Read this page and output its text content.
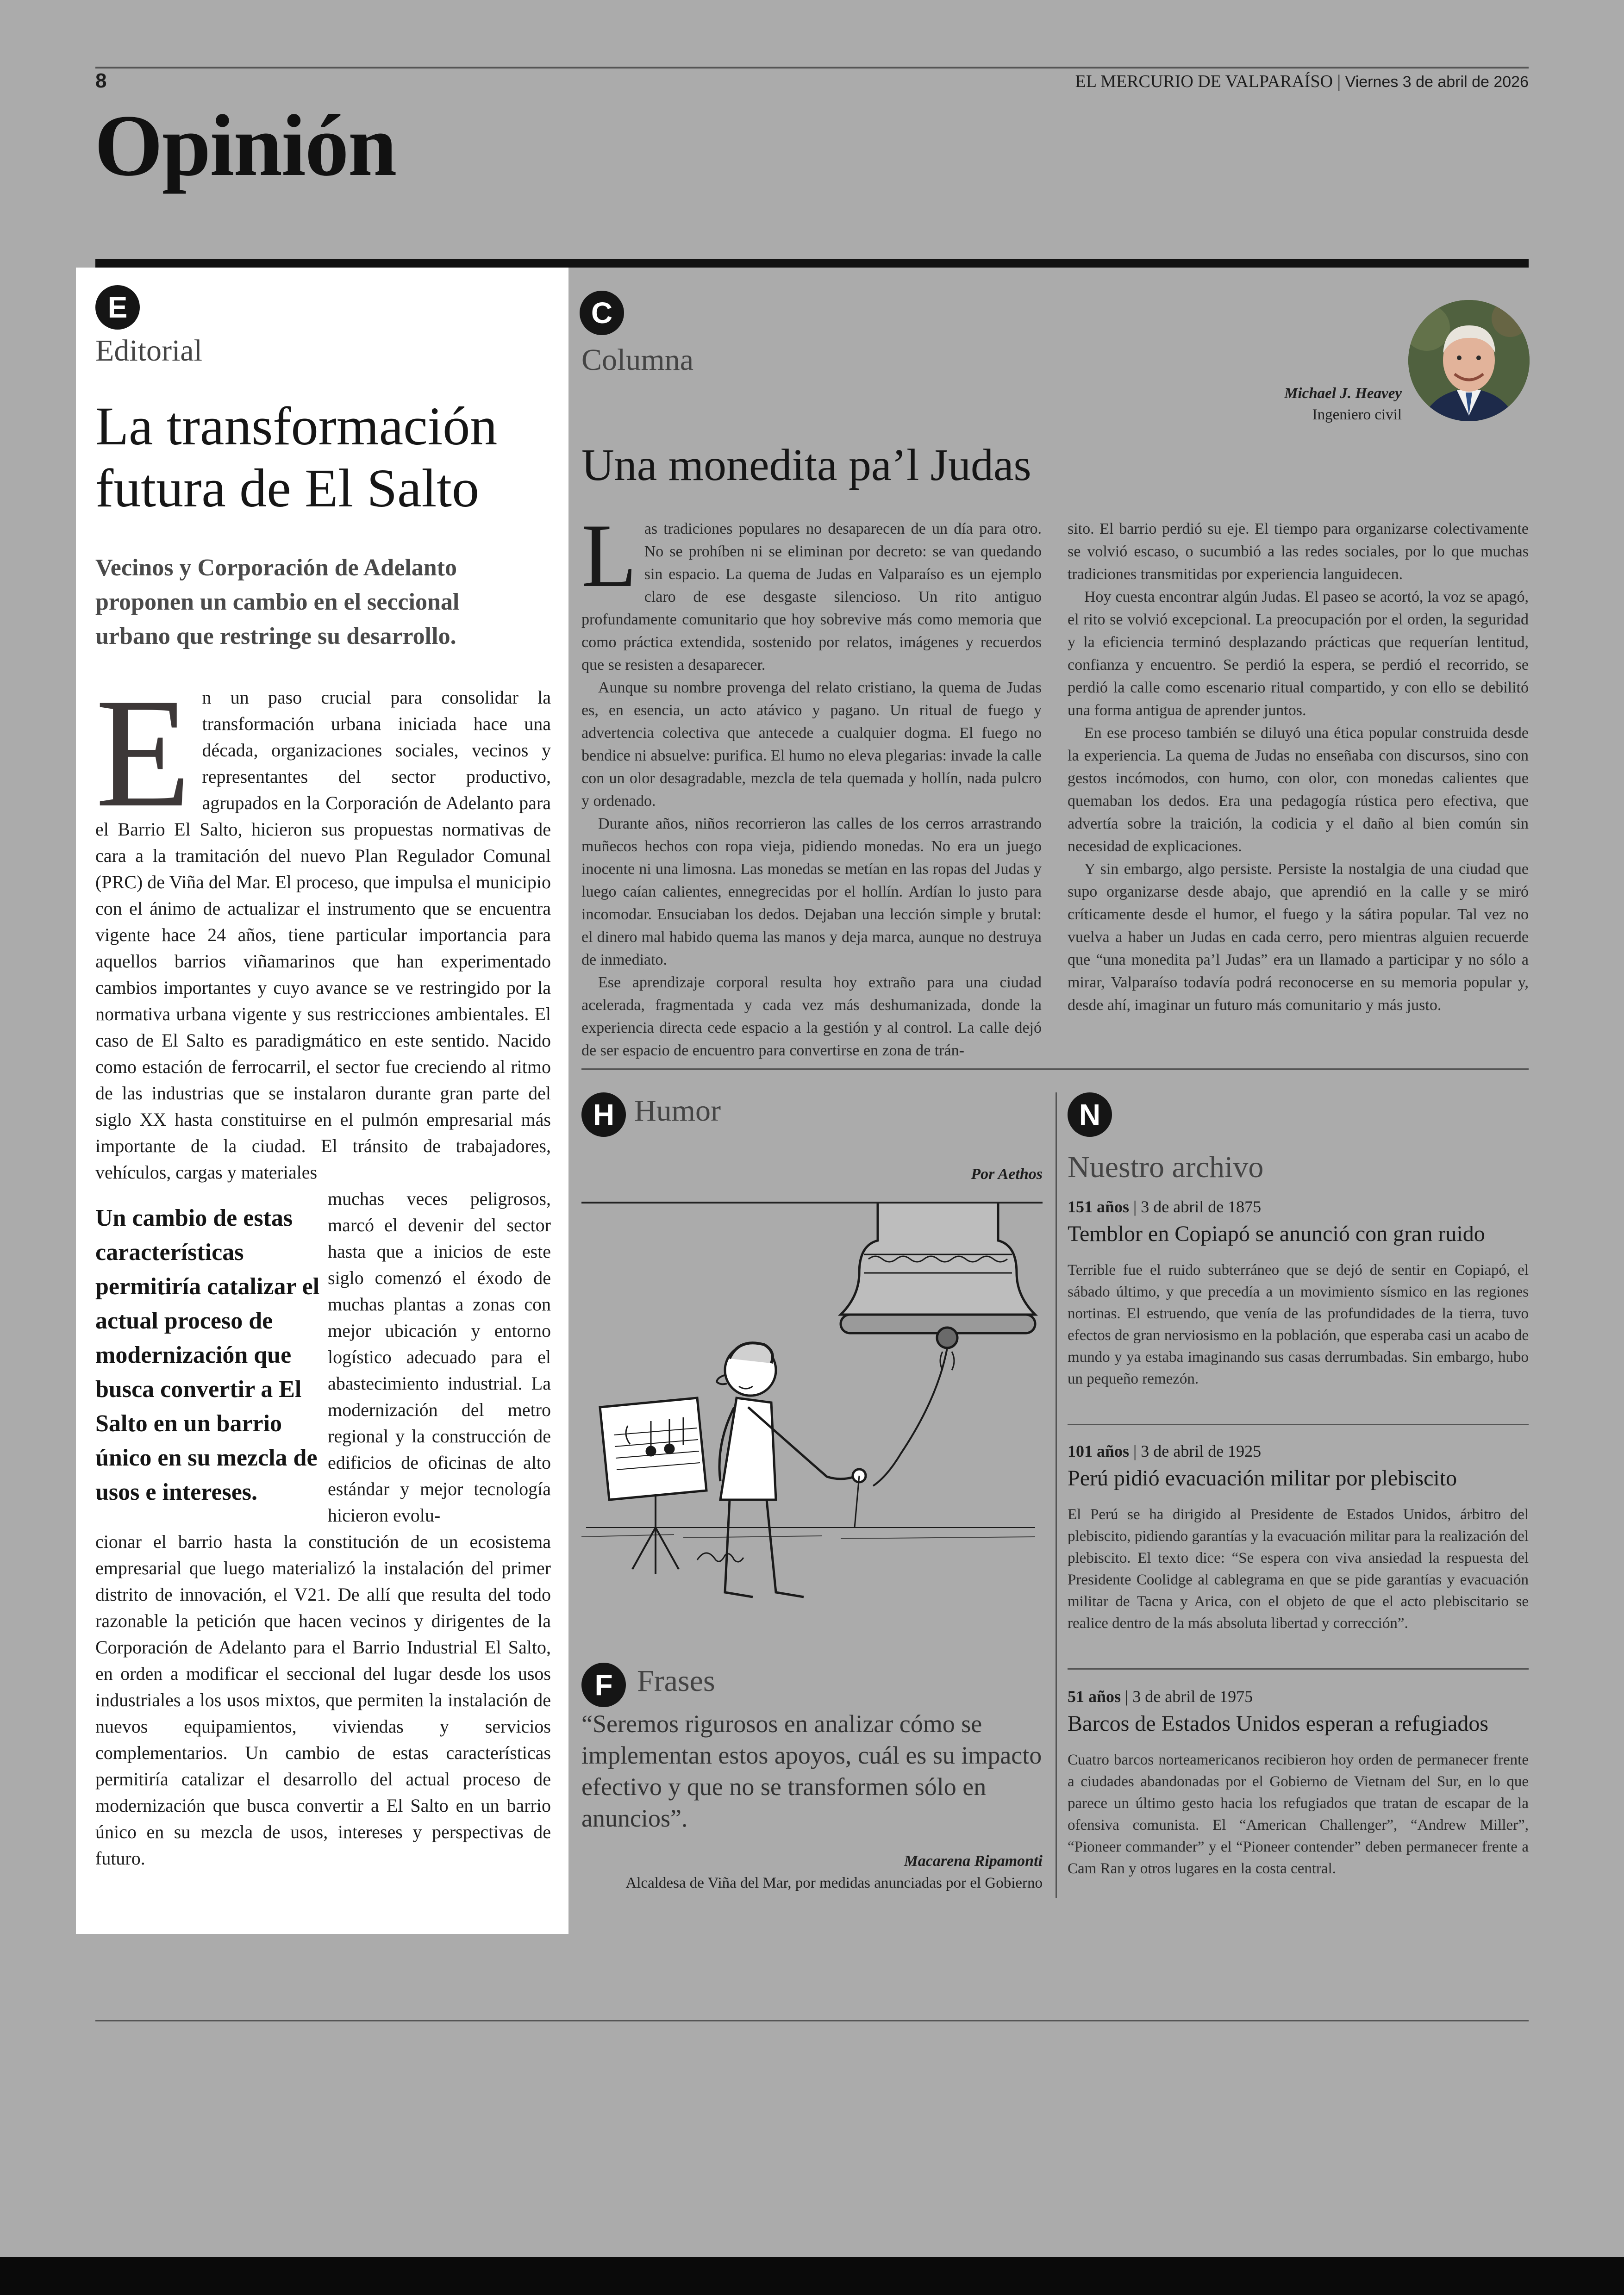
8	EL MERCURIO DE VALPARAÍSO | Viernes 3 de abril de 2026
Opinión
E
Editorial
La transformación
futura de El Salto
Vecinos y Corporación de Adelanto proponen un cambio en el seccional urbano que restringe su desarrollo.
E n un paso crucial para consolidar la transformación urbana iniciada hace una década, organizaciones sociales, vecinos y representantes del sector productivo, agrupados en la Corporación de Adelanto para el Barrio El Salto, hicieron sus propuestas normativas de cara a la tramitación del nuevo Plan Regulador Comunal (PRC) de Viña del Mar. El proceso, que impulsa el municipio con el ánimo de actualizar el instrumento que se encuentra vigente hace 24 años, tiene particular importancia para aquellos barrios viñamarinos que han experimentado cambios importantes y cuyo avance se ve restringido por la normativa urbana vigente y sus restricciones ambientales. El caso de El Salto es paradigmático en este sentido. Nacido como estación de ferrocarril, el sector fue creciendo al ritmo de las industrias que se instalaron durante gran parte del siglo XX hasta constituirse en el pulmón empresarial más importante de la ciudad. El tránsito de trabajadores, vehículos, cargas y materiales
Un cambio de estas características permitiría catalizar el actual proceso de modernización que busca convertir a El Salto en un barrio único en su mezcla de usos e intereses.
muchas veces peligrosos, marcó el devenir del sector hasta que a inicios de este siglo comenzó el éxodo de muchas plantas a zonas con mejor ubicación y entorno logístico adecuado para el abastecimiento industrial. La modernización del metro regional y la construcción de edificios de oficinas de alto estándar y mejor tecnología hicieron evolu-
cionar el barrio hasta la constitución de un ecosistema empresarial que luego materializó la instalación del primer distrito de innovación, el V21. De allí que resulta del todo razonable la petición que hacen vecinos y dirigentes de la Corporación de Adelanto para el Barrio Industrial El Salto, en orden a modificar el seccional del lugar desde los usos industriales a los usos mixtos, que permiten la instalación de nuevos equipamientos, viviendas y servicios complementarios. Un cambio de estas características permitiría catalizar el desarrollo del actual proceso de modernización que busca convertir a El Salto en un barrio único en su mezcla de usos, intereses y perspectivas de futuro.
C
Columna
Michael J. Heavey
Ingeniero civil
Una monedita pa’l Judas
L as tradiciones populares no desaparecen de un día para otro. No se prohíben ni se eliminan por decreto: se van quedando sin espacio. La quema de Judas en Valparaíso es un ejemplo claro de ese desgaste silencioso. Un rito antiguo profundamente comunitario que hoy sobrevive más como memoria que como práctica extendida, sostenido por relatos, imágenes y recuerdos que se resisten a desaparecer.

Aunque su nombre provenga del relato cristiano, la quema de Judas es, en esencia, un acto atávico y pagano. Un ritual de fuego y advertencia colectiva que antecede a cualquier dogma. El fuego no bendice ni absuelve: purifica. El humo no eleva plegarias: invade la calle con un olor desagradable, mezcla de tela quemada y hollín, nada pulcro y ordenado.

Durante años, niños recorrieron las calles de los cerros arrastrando muñecos hechos con ropa vieja, pidiendo monedas. No era un juego inocente ni una limosna. Las monedas se metían en las ropas del Judas y luego caían calientes, ennegrecidas por el hollín. Ardían lo justo para incomodar. Ensuciaban los dedos. Dejaban una lección simple y brutal: el dinero mal habido quema las manos y deja marca, aunque no destruya de inmediato.

Ese aprendizaje corporal resulta hoy extraño para una ciudad acelerada, fragmentada y cada vez más deshumanizada, donde la experiencia directa cede espacio a la gestión y al control. La calle dejó de ser espacio de encuentro para convertirse en zona de trán-

sito. El barrio perdió su eje. El tiempo para organizarse colectivamente se volvió escaso, o sucumbió a las redes sociales, por lo que muchas tradiciones transmitidas por experiencia languidecen.

Hoy cuesta encontrar algún Judas. El paseo se acortó, la voz se apagó, el rito se volvió excepcional. La preocupación por el orden, la seguridad y la eficiencia terminó desplazando prácticas que requerían lentitud, confianza y encuentro. Se perdió la espera, se perdió el recorrido, se perdió la calle como escenario ritual compartido, y con ello se debilitó una forma antigua de aprender juntos.

En ese proceso también se diluyó una ética popular construida desde la experiencia. La quema de Judas no enseñaba con discursos, sino con gestos incómodos, con humo, con olor, con monedas calientes que quemaban los dedos. Era una pedagogía rústica pero efectiva, que advertía sobre la traición, la codicia y el daño al bien común sin necesidad de explicaciones.

Y sin embargo, algo persiste. Persiste la nostalgia de una ciudad que supo organizarse desde abajo, que aprendió en la calle y se miró críticamente desde el humor, el fuego y la sátira popular. Tal vez no vuelva a haber un Judas en cada cerro, pero mientras alguien recuerde que “una monedita pa’l Judas” era un llamado a participar y no sólo a mirar, Valparaíso todavía podrá reconocerse en su memoria popular y, desde ahí, imaginar un futuro más comunitario y más justo.

H Humor
Por Aethos
F Frases
“Seremos rigurosos en analizar cómo se implementan estos apoyos, cuál es su impacto efectivo y que no se transformen sólo en anuncios”.
Macarena Ripamonti
Alcaldesa de Viña del Mar, por medidas anunciadas por el Gobierno
N
Nuestro archivo
151 años | 3 de abril de 1875
Temblor en Copiapó se anunció con gran ruido
Terrible fue el ruido subterráneo que se dejó de sentir en Copiapó, el sábado último, y que precedía a un movimiento sísmico en las regiones nortinas. El estruendo, que venía de las profundidades de la tierra, tuvo efectos de gran nerviosismo en la población, que esperaba casi un acabo de mundo y ya estaba imaginando sus casas derrumbadas. Sin embargo, hubo un pequeño remezón.
101 años | 3 de abril de 1925
Perú pidió evacuación militar por plebiscito
El Perú se ha dirigido al Presidente de Estados Unidos, árbitro del plebiscito, pidiendo garantías y la evacuación militar para la realización del plebiscito. El texto dice: “Se espera con viva ansiedad la respuesta del Presidente Coolidge al cablegrama en que se pide garantías y evacuación militar de Tacna y Arica, con el objeto de que el acto plebiscitario se realice dentro de la más absoluta libertad y corrección”.
51 años | 3 de abril de 1975
Barcos de Estados Unidos esperan a refugiados
Cuatro barcos norteamericanos recibieron hoy orden de permanecer frente a ciudades abandonadas por el Gobierno de Vietnam del Sur, en lo que parece un último gesto hacia los refugiados que tratan de escapar de la ofensiva comunista. El “American Challenger”, “Andrew Miller”, “Pioneer commander” y el “Pioneer contender” deben permanecer frente a Cam Ran y otros lugares en la costa central.
